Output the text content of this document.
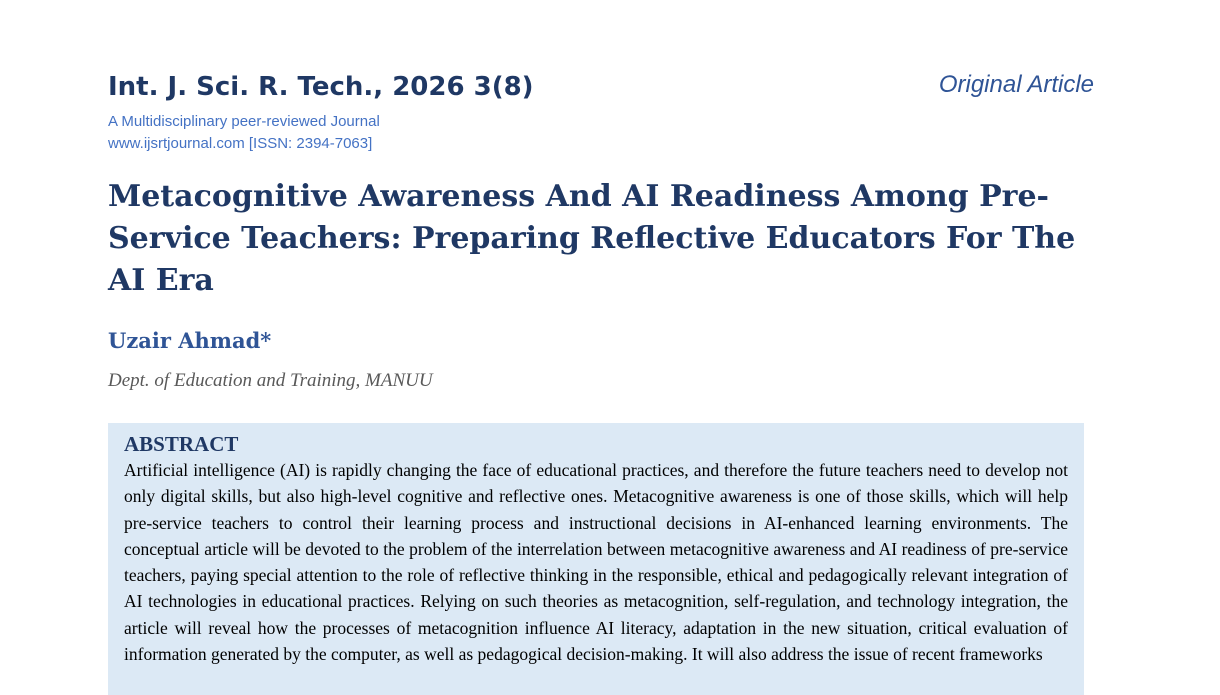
Int. J. Sci. R. Tech., 2026 3(8)	Original Article
A Multidisciplinary peer-reviewed Journal
www.ijsrtjournal.com [ISSN: 2394-7063]
Metacognitive Awareness And AI Readiness Among Pre-Service Teachers: Preparing Reflective Educators For The AI Era
Uzair Ahmad*
Dept. of Education and Training, MANUU
ABSTRACT

Artificial intelligence (AI) is rapidly changing the face of educational practices, and therefore the future teachers need to develop not only digital skills, but also high-level cognitive and reflective ones. Metacognitive awareness is one of those skills, which will help pre-service teachers to control their learning process and instructional decisions in AI-enhanced learning environments. The conceptual article will be devoted to the problem of the interrelation between metacognitive awareness and AI readiness of pre-service teachers, paying special attention to the role of reflective thinking in the responsible, ethical and pedagogically relevant integration of AI technologies in educational practices. Relying on such theories as metacognition, self-regulation, and technology integration, the article will reveal how the processes of metacognition influence AI literacy, adaptation in the new situation, critical evaluation of information generated by the computer, as well as pedagogical decision-making. It will also address the issue of recent frameworks
